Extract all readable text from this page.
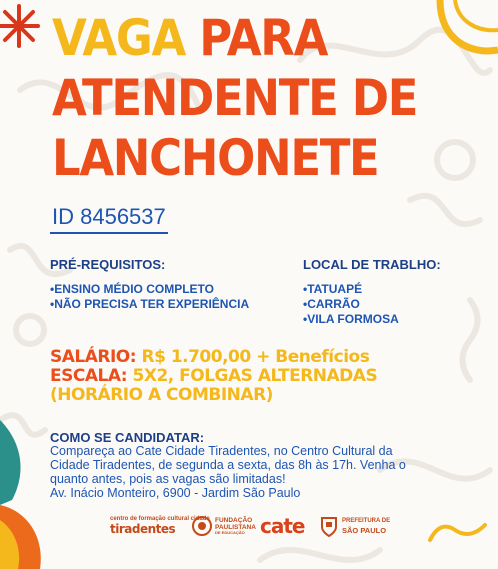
VAGA PARA
ATENDENTE DE
LANCHONETE
ID 8456537
PRÉ-REQUISITOS:
•ENSINO MÉDIO COMPLETO
•NÃO PRECISA TER EXPERIÊNCIA
LOCAL DE TRABLHO:
•TATUAPÉ
•CARRÃO
•VILA FORMOSA
SALÁRIO: R$ 1.700,00 + Benefícios
ESCALA: 5X2, FOLGAS ALTERNADAS
(HORÁRIO A COMBINAR)
COMO SE CANDIDATAR:
Compareça ao Cate Cidade Tiradentes, no Centro Cultural da Cidade Tiradentes, de segunda a sexta, das 8h às 17h. Venha o quanto antes, pois as vagas são limitadas!
Av. Inácio Monteiro, 6900 - Jardim São Paulo
centro de formação cultural cidade
tiradentes
FUNDAÇÃO
PAULISTANA
DE EDUCAÇÃO cate	PREFEITURA DE
SÃO PAULO
